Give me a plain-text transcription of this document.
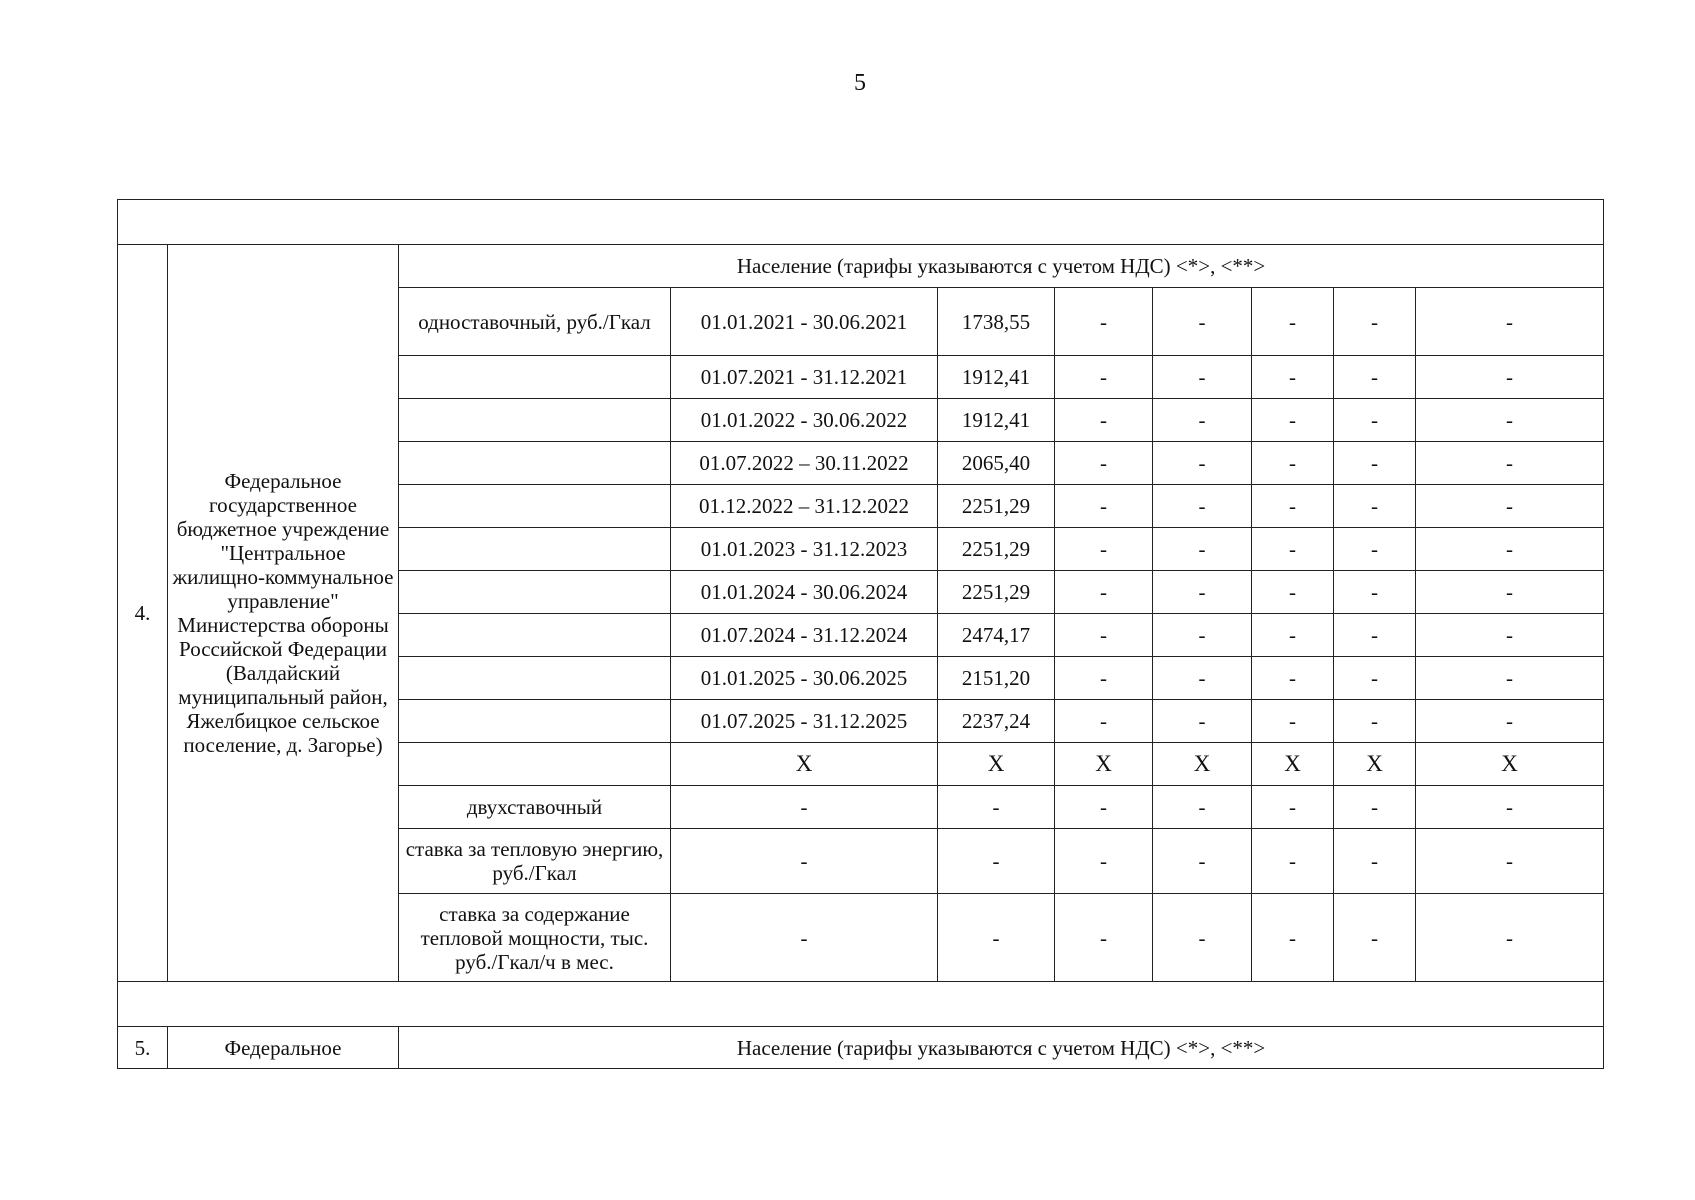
5

4.	Федеральное государственное бюджетное учреждение "Центральное жилищно-коммунальное управление" Министерства обороны Российской Федерации (Валдайский муниципальный район, Яжелбицкое сельское поселение, д. Загорье)	Население (тарифы указываются с учетом НДС) <*>, <**>							
		одноставочный, руб./Гкал	01.01.2021 - 30.06.2021	1738,55	-	-	-	-	-
			01.07.2021 - 31.12.2021	1912,41	-	-	-	-	-
			01.01.2022 - 30.06.2022	1912,41	-	-	-	-	-
			01.07.2022 – 30.11.2022	2065,40	-	-	-	-	-
			01.12.2022 – 31.12.2022	2251,29	-	-	-	-	-
			01.01.2023 - 31.12.2023	2251,29	-	-	-	-	-
			01.01.2024 - 30.06.2024	2251,29	-	-	-	-	-
			01.07.2024 - 31.12.2024	2474,17	-	-	-	-	-
			01.01.2025 - 30.06.2025	2151,20	-	-	-	-	-
			01.07.2025 - 31.12.2025	2237,24	-	-	-	-	-
			X	X	X	X	X	X	X
		двухставочный	-	-	-	-	-	-	-
		ставка за тепловую энергию, руб./Гкал	-	-	-	-	-	-	-
		ставка за содержание тепловой мощности, тыс. руб./Гкал/ч в мес.	-	-	-	-	-	-	-

5.	Федеральное	Население (тарифы указываются с учетом НДС) <*>, <**>							
